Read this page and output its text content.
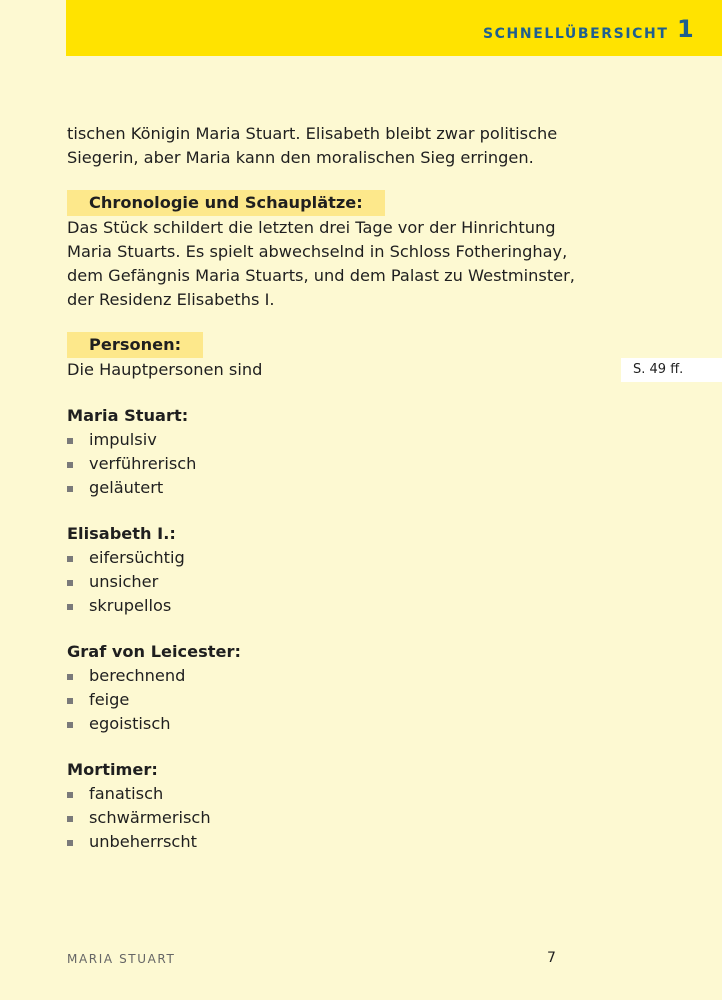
SCHNELLÜBERSICHT 1

tischen Königin Maria Stuart. Elisabeth bleibt zwar politische

Siegerin, aber Maria kann den moralischen Sieg erringen.

Chronologie und Schauplätze:

Das Stück schildert die letzten drei Tage vor der Hinrichtung

Maria Stuarts. Es spielt abwechselnd in Schloss Fotheringhay,

dem Gefängnis Maria Stuarts, und dem Palast zu Westminster,

der Residenz Elisabeths I.

Personen:

Die Hauptpersonen sind

Maria Stuart:

impulsiv
verführerisch
geläutert

Elisabeth I.:

eifersüchtig
unsicher
skrupellos

Graf von Leicester:

berechnend
feige
egoistisch

Mortimer:

fanatisch
schwärmerisch
unbeherrscht
S. 49 ff.
MARIA STUART	7
